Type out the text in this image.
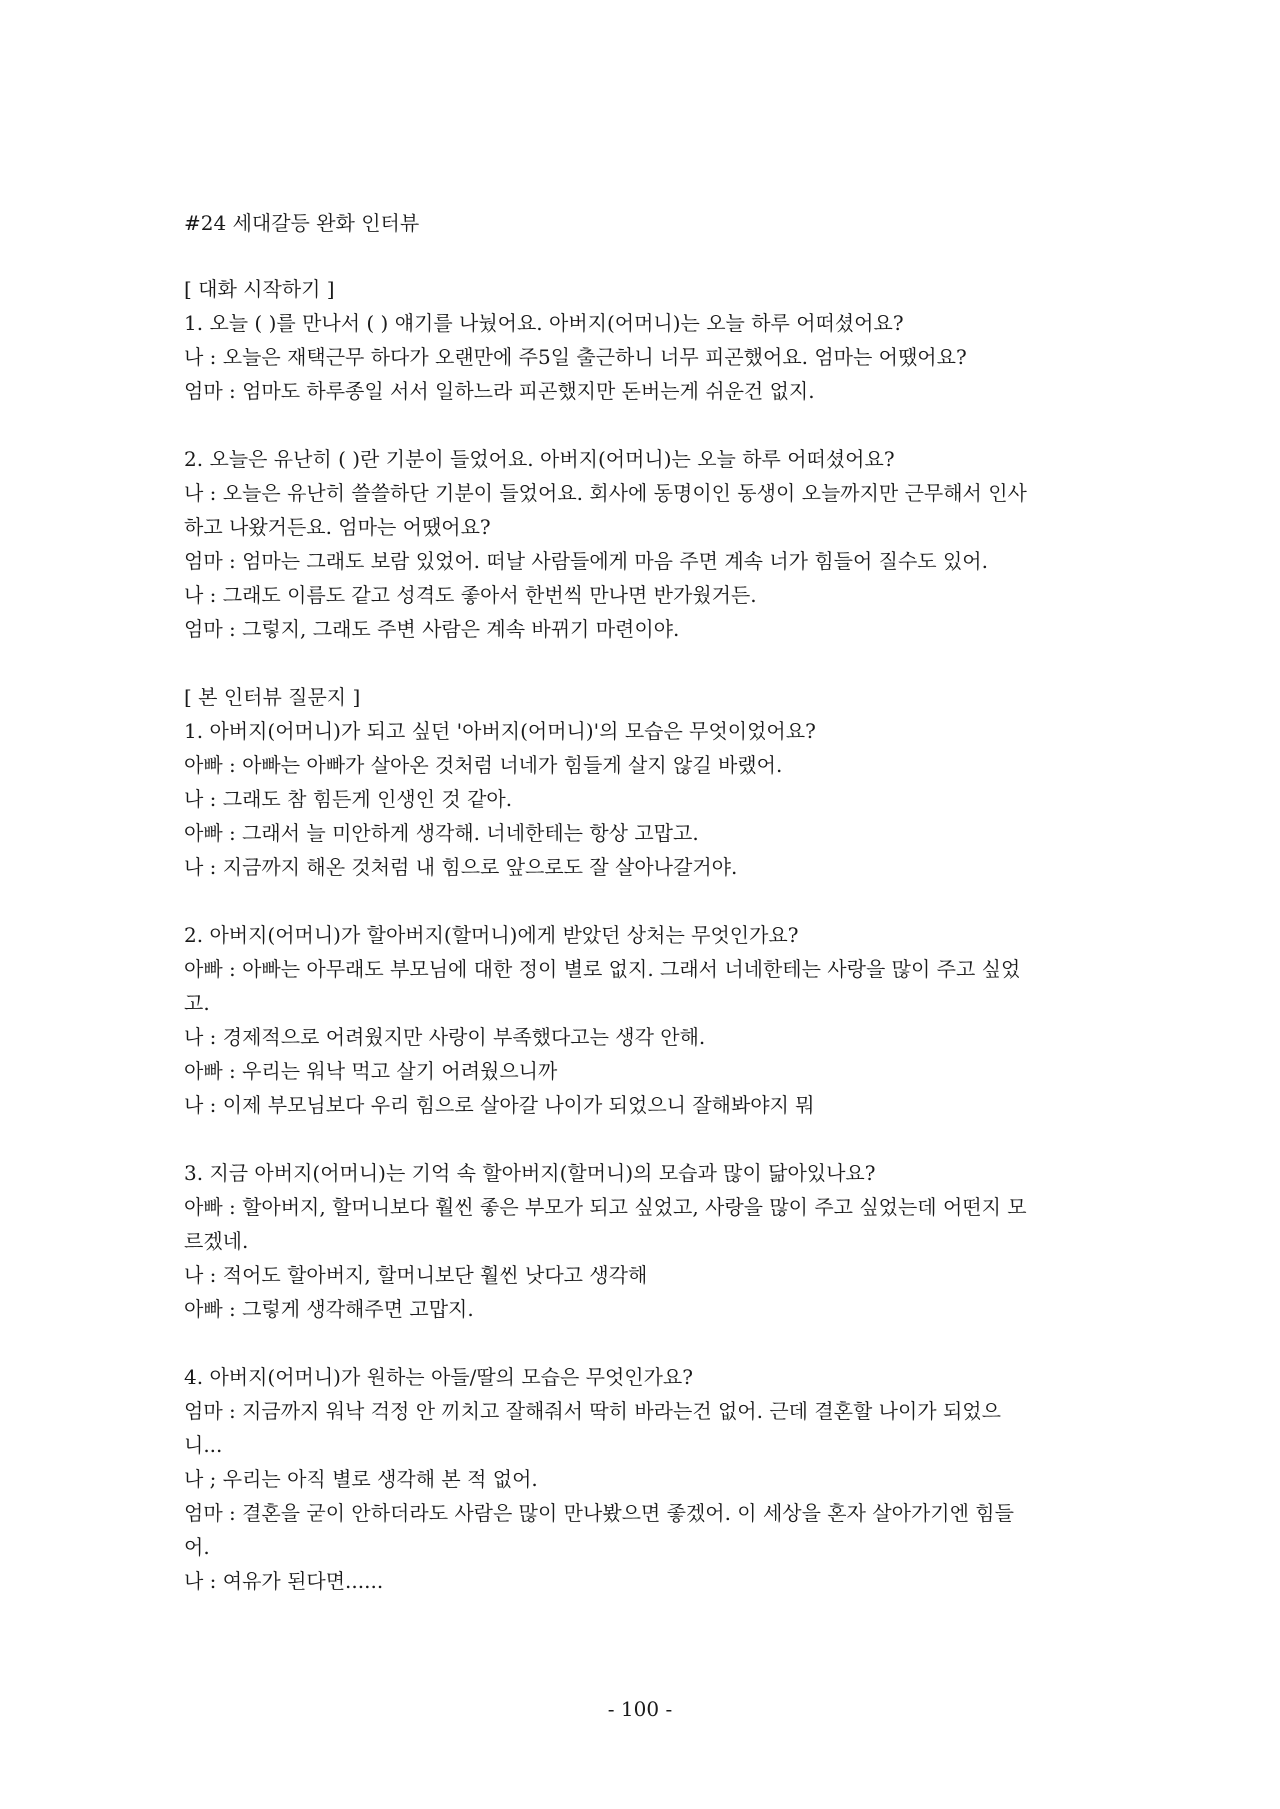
#24 세대갈등 완화 인터뷰

[ 대화 시작하기 ]

1. 오늘 ( )를 만나서 ( ) 얘기를 나눴어요. 아버지(어머니)는 오늘 하루 어떠셨어요?

나 : 오늘은 재택근무 하다가 오랜만에 주5일 출근하니 너무 피곤했어요. 엄마는 어땠어요?

엄마 : 엄마도 하루종일 서서 일하느라 피곤했지만 돈버는게 쉬운건 없지.

2. 오늘은 유난히 ( )란 기분이 들었어요. 아버지(어머니)는 오늘 하루 어떠셨어요?

나 : 오늘은 유난히 쓸쓸하단 기분이 들었어요. 회사에 동명이인 동생이 오늘까지만 근무해서 인사

하고 나왔거든요. 엄마는 어땠어요?

엄마 : 엄마는 그래도 보람 있었어. 떠날 사람들에게 마음 주면 계속 너가 힘들어 질수도 있어.

나 : 그래도 이름도 같고 성격도 좋아서 한번씩 만나면 반가웠거든.

엄마 : 그렇지, 그래도 주변 사람은 계속 바뀌기 마련이야.

[ 본 인터뷰 질문지 ]

1. 아버지(어머니)가 되고 싶던 '아버지(어머니)'의 모습은 무엇이었어요?

아빠 : 아빠는 아빠가 살아온 것처럼 너네가 힘들게 살지 않길 바랬어.

나 : 그래도 참 힘든게 인생인 것 같아.

아빠 : 그래서 늘 미안하게 생각해. 너네한테는 항상 고맙고.

나 : 지금까지 해온 것처럼 내 힘으로 앞으로도 잘 살아나갈거야.

2. 아버지(어머니)가 할아버지(할머니)에게 받았던 상처는 무엇인가요?

아빠 : 아빠는 아무래도 부모님에 대한 정이 별로 없지. 그래서 너네한테는 사랑을 많이 주고 싶었

고.

나 : 경제적으로 어려웠지만 사랑이 부족했다고는 생각 안해.

아빠 : 우리는 워낙 먹고 살기 어려웠으니까

나 : 이제 부모님보다 우리 힘으로 살아갈 나이가 되었으니 잘해봐야지 뭐

3. 지금 아버지(어머니)는 기억 속 할아버지(할머니)의 모습과 많이 닮아있나요?

아빠 : 할아버지, 할머니보다 훨씬 좋은 부모가 되고 싶었고, 사랑을 많이 주고 싶었는데 어떤지 모

르겠네.

나 : 적어도 할아버지, 할머니보단 훨씬 낫다고 생각해

아빠 : 그렇게 생각해주면 고맙지.

4. 아버지(어머니)가 원하는 아들/딸의 모습은 무엇인가요?

엄마 : 지금까지 워낙 걱정 안 끼치고 잘해줘서 딱히 바라는건 없어. 근데 결혼할 나이가 되었으

니...

나 ; 우리는 아직 별로 생각해 본 적 없어.

엄마 : 결혼을 굳이 안하더라도 사람은 많이 만나봤으면 좋겠어. 이 세상을 혼자 살아가기엔 힘들

어.

나 : 여유가 된다면......

- 100 -
